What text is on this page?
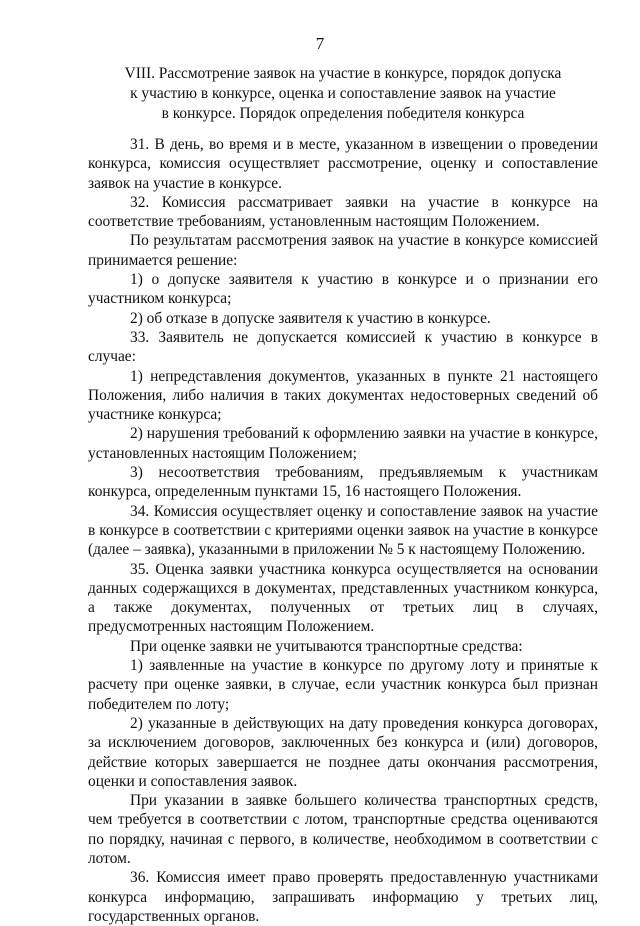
7
VIII. Рассмотрение заявок на участие в конкурсе, порядок допуска
к участию в конкурсе, оценка и сопоставление заявок на участие
в конкурсе. Порядок определения победителя конкурса

31. В день, во время и в месте, указанном в извещении о проведении конкурса, комиссия осуществляет рассмотрение, оценку и сопоставление заявок на участие в конкурсе.

32. Комиссия рассматривает заявки на участие в конкурсе на соответствие требованиям, установленным настоящим Положением.

По результатам рассмотрения заявок на участие в конкурсе комиссией принимается решение:

1) о допуске заявителя к участию в конкурсе и о признании его участником конкурса;

2) об отказе в допуске заявителя к участию в конкурсе.

33. Заявитель не допускается комиссией к участию в конкурсе в случае:

1) непредставления документов, указанных в пункте 21 настоящего Положения, либо наличия в таких документах недостоверных сведений об участнике конкурса;

2) нарушения требований к оформлению заявки на участие в конкурсе, установленных настоящим Положением;

3) несоответствия требованиям, предъявляемым к участникам конкурса, определенным пунктами 15, 16 настоящего Положения.

34. Комиссия осуществляет оценку и сопоставление заявок на участие в конкурсе в соответствии с критериями оценки заявок на участие в конкурсе (далее – заявка), указанными в приложении № 5 к настоящему Положению.

35. Оценка заявки участника конкурса осуществляется на основании данных содержащихся в документах, представленных участником конкурса, а также документах, полученных от третьих лиц в случаях, предусмотренных настоящим Положением.

При оценке заявки не учитываются транспортные средства:

1) заявленные на участие в конкурсе по другому лоту и принятые к расчету при оценке заявки, в случае, если участник конкурса был признан победителем по лоту;

2) указанные в действующих на дату проведения конкурса договорах, за исключением договоров, заключенных без конкурса и (или) договоров, действие которых завершается не позднее даты окончания рассмотрения, оценки и сопоставления заявок.

При указании в заявке большего количества транспортных средств, чем требуется в соответствии с лотом, транспортные средства оцениваются по порядку, начиная с первого, в количестве, необходимом в соответствии с лотом.

36. Комиссия имеет право проверять предоставленную участниками конкурса информацию, запрашивать информацию у третьих лиц, государственных органов.
